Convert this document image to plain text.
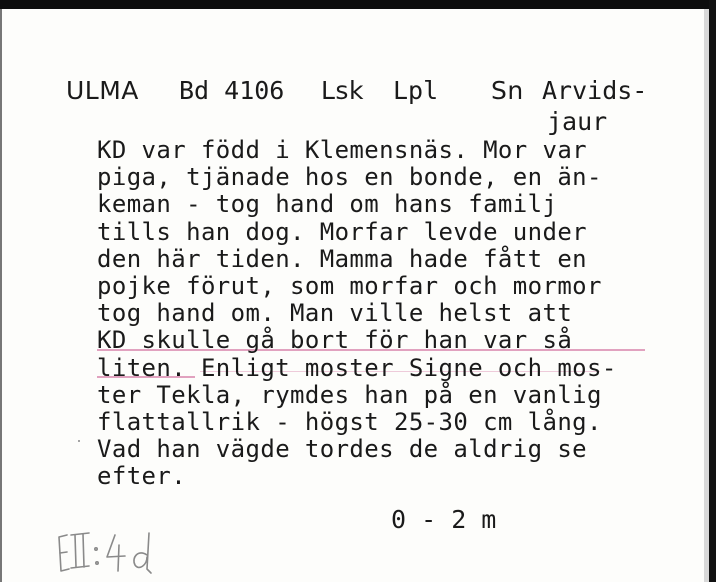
ULMA Bd 4106 Lsk Lpl Sn Arvids-
jaur
KD var född i Klemensnäs. Mor var
piga, tjänade hos en bonde, en än-
keman - tog hand om hans familj
tills han dog. Morfar levde under
den här tiden. Mamma hade fått en
pojke förut, som morfar och mormor
tog hand om. Man ville helst att
KD skulle gå bort för han var så
liten. Enligt moster Signe och mos-
ter Tekla, rymdes han på en vanlig
flattallrik - högst 25-30 cm lång.
Vad han vägde tordes de aldrig se
efter.
0 - 2 m
